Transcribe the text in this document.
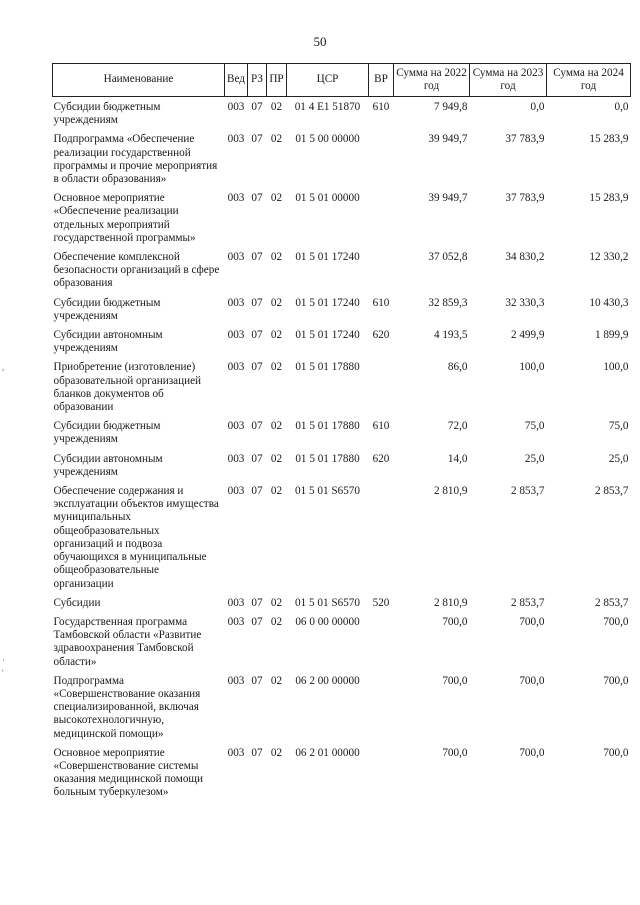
50
,
·
'
Наименование	Вед	РЗ	ПР	ЦСР	ВР	Сумма на 2022 год	Сумма на 2023 год	Сумма на 2024 год
Субсидии бюджетным учреждениям	003	07	02	01 4 E1 51870	610	7 949,8	0,0	0,0
Подпрограмма «Обеспечение реализации государственной программы и прочие мероприятия в области образования»	003	07	02	01 5 00 00000		39 949,7	37 783,9	15 283,9
Основное мероприятие «Обеспечение реализации отдельных мероприятий государственной программы»	003	07	02	01 5 01 00000		39 949,7	37 783,9	15 283,9
Обеспечение комплексной безопасности организаций в сфере образования	003	07	02	01 5 01 17240		37 052,8	34 830,2	12 330,2
Субсидии бюджетным учреждениям	003	07	02	01 5 01 17240	610	32 859,3	32 330,3	10 430,3
Субсидии автономным учреждениям	003	07	02	01 5 01 17240	620	4 193,5	2 499,9	1 899,9
Приобретение (изготовление) образовательной организацией бланков документов об образовании	003	07	02	01 5 01 17880		86,0	100,0	100,0
Субсидии бюджетным учреждениям	003	07	02	01 5 01 17880	610	72,0	75,0	75,0
Субсидии автономным учреждениям	003	07	02	01 5 01 17880	620	14,0	25,0	25,0
Обеспечение содержания и эксплуатации объектов имущества муниципальных общеобразовательных организаций и подвоза обучающихся в муниципальные общеобразовательные организации	003	07	02	01 5 01 S6570		2 810,9	2 853,7	2 853,7
Субсидии	003	07	02	01 5 01 S6570	520	2 810,9	2 853,7	2 853,7
Государственная программа Тамбовской области «Развитие здравоохранения Тамбовской области»	003	07	02	06 0 00 00000		700,0	700,0	700,0
Подпрограмма «Совершенствование оказания специализированной, включая высокотехнологичную, медицинской помощи»	003	07	02	06 2 00 00000		700,0	700,0	700,0
Основное мероприятие «Совершенствование системы оказания медицинской помощи больным туберкулезом»	003	07	02	06 2 01 00000		700,0	700,0	700,0
